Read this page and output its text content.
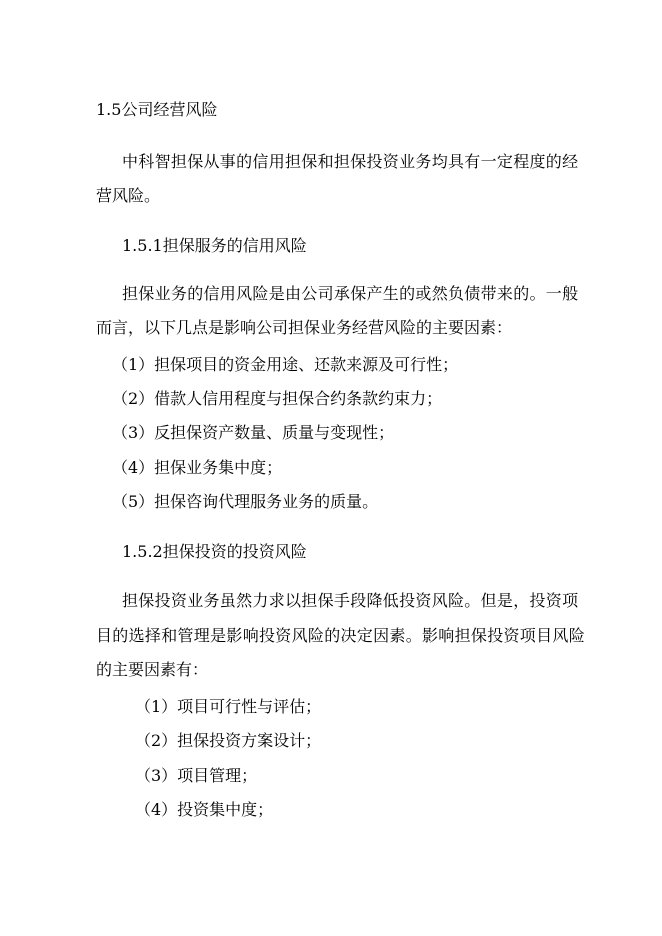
1.5公司经营风险
中科智担保从事的信用担保和担保投资业务均具有一定程度的经
营风险。
1.5.1担保服务的信用风险
担保业务的信用风险是由公司承保产生的或然负债带来的。一般
而言，以下几点是影响公司担保业务经营风险的主要因素：
（1）担保项目的资金用途、还款来源及可行性；
（2）借款人信用程度与担保合约条款约束力；
（3）反担保资产数量、质量与变现性；
（4）担保业务集中度；
（5）担保咨询代理服务业务的质量。
1.5.2担保投资的投资风险
担保投资业务虽然力求以担保手段降低投资风险。但是，投资项
目的选择和管理是影响投资风险的决定因素。影响担保投资项目风险
的主要因素有：
（1）项目可行性与评估；
（2）担保投资方案设计；
（3）项目管理；
（4）投资集中度；
